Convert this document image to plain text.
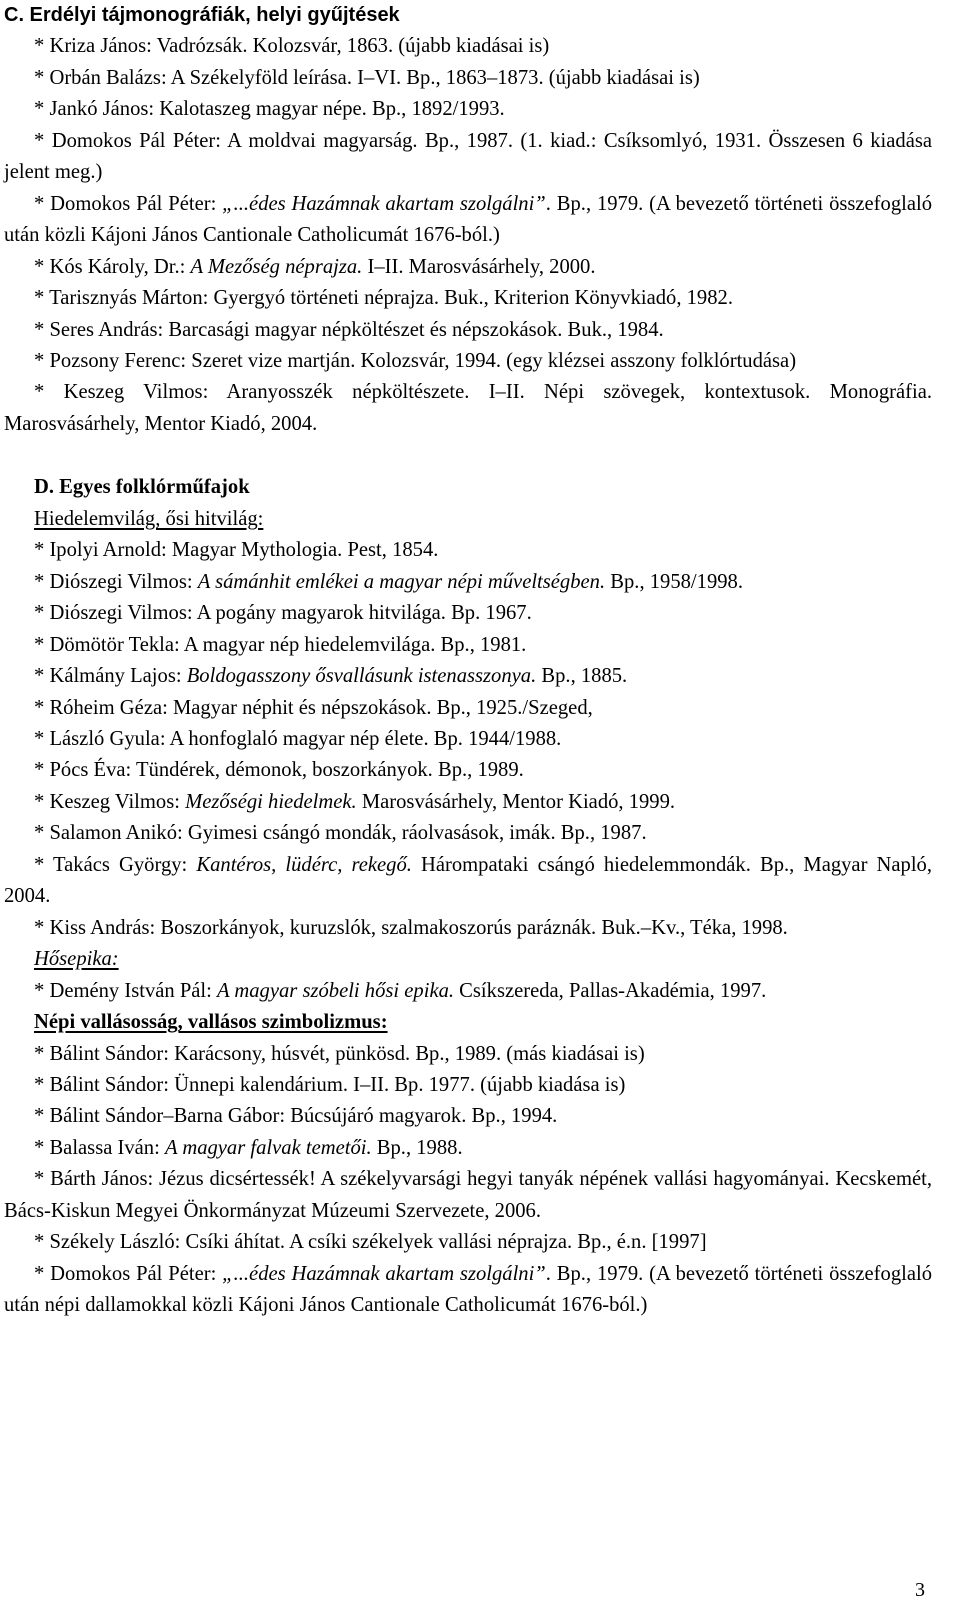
C. Erdélyi tájmonográfiák, helyi gyűjtések

* Kriza János: Vadrózsák. Kolozsvár, 1863. (újabb kiadásai is)

* Orbán Balázs: A Székelyföld leírása. I–VI. Bp., 1863–1873. (újabb kiadásai is)

* Jankó János: Kalotaszeg magyar népe. Bp., 1892/1993.

* Domokos Pál Péter: A moldvai magyarság. Bp., 1987. (1. kiad.: Csíksomlyó, 1931. Összesen 6 kiadása jelent meg.)

* Domokos Pál Péter: „...édes Hazámnak akartam szolgálni”. Bp., 1979. (A bevezető történeti összefoglaló után közli Kájoni János Cantionale Catholicumát 1676-ból.)

* Kós Károly, Dr.: A Mezőség néprajza. I–II. Marosvásárhely, 2000.

* Tarisznyás Márton: Gyergyó történeti néprajza. Buk., Kriterion Könyvkiadó, 1982.

* Seres András: Barcasági magyar népköltészet és népszokások. Buk., 1984.

* Pozsony Ferenc: Szeret vize martján. Kolozsvár, 1994. (egy klézsei asszony folklórtudása)

* Keszeg Vilmos: Aranyosszék népköltészete. I–II. Népi szövegek, kontextusok. Monográfia. Marosvásárhely, Mentor Kiadó, 2004.

D. Egyes folklórműfajok

Hiedelemvilág, ősi hitvilág:

* Ipolyi Arnold: Magyar Mythologia. Pest, 1854.

* Diószegi Vilmos: A sámánhit emlékei a magyar népi műveltségben. Bp., 1958/1998.

* Diószegi Vilmos: A pogány magyarok hitvilága. Bp. 1967.

* Dömötör Tekla: A magyar nép hiedelemvilága. Bp., 1981.

* Kálmány Lajos: Boldogasszony ősvallásunk istenasszonya. Bp., 1885.

* Róheim Géza: Magyar néphit és népszokások. Bp., 1925./Szeged,

* László Gyula: A honfoglaló magyar nép élete. Bp. 1944/1988.

* Pócs Éva: Tündérek, démonok, boszorkányok. Bp., 1989.

* Keszeg Vilmos: Mezőségi hiedelmek. Marosvásárhely, Mentor Kiadó, 1999.

* Salamon Anikó: Gyimesi csángó mondák, ráolvasások, imák. Bp., 1987.

* Takács György: Kantéros, lüdérc, rekegő. Hárompataki csángó hiedelemmondák. Bp., Magyar Napló, 2004.

* Kiss András: Boszorkányok, kuruzslók, szalmakoszorús paráznák. Buk.–Kv., Téka, 1998.

Hősepika:

* Demény István Pál: A magyar szóbeli hősi epika. Csíkszereda, Pallas-Akadémia, 1997.

Népi vallásosság, vallásos szimbolizmus:

* Bálint Sándor: Karácsony, húsvét, pünkösd. Bp., 1989. (más kiadásai is)

* Bálint Sándor: Ünnepi kalendárium. I–II. Bp. 1977. (újabb kiadása is)

* Bálint Sándor–Barna Gábor: Búcsújáró magyarok. Bp., 1994.

* Balassa Iván: A magyar falvak temetői. Bp., 1988.

* Bárth János: Jézus dicsértessék! A székelyvarsági hegyi tanyák népének vallási hagyományai. Kecskemét, Bács-Kiskun Megyei Önkormányzat Múzeumi Szervezete, 2006.

* Székely László: Csíki áhítat. A csíki székelyek vallási néprajza. Bp., é.n. [1997]

* Domokos Pál Péter: „...édes Hazámnak akartam szolgálni”. Bp., 1979. (A bevezető történeti összefoglaló után népi dallamokkal közli Kájoni János Cantionale Catholicumát 1676-ból.)

3
